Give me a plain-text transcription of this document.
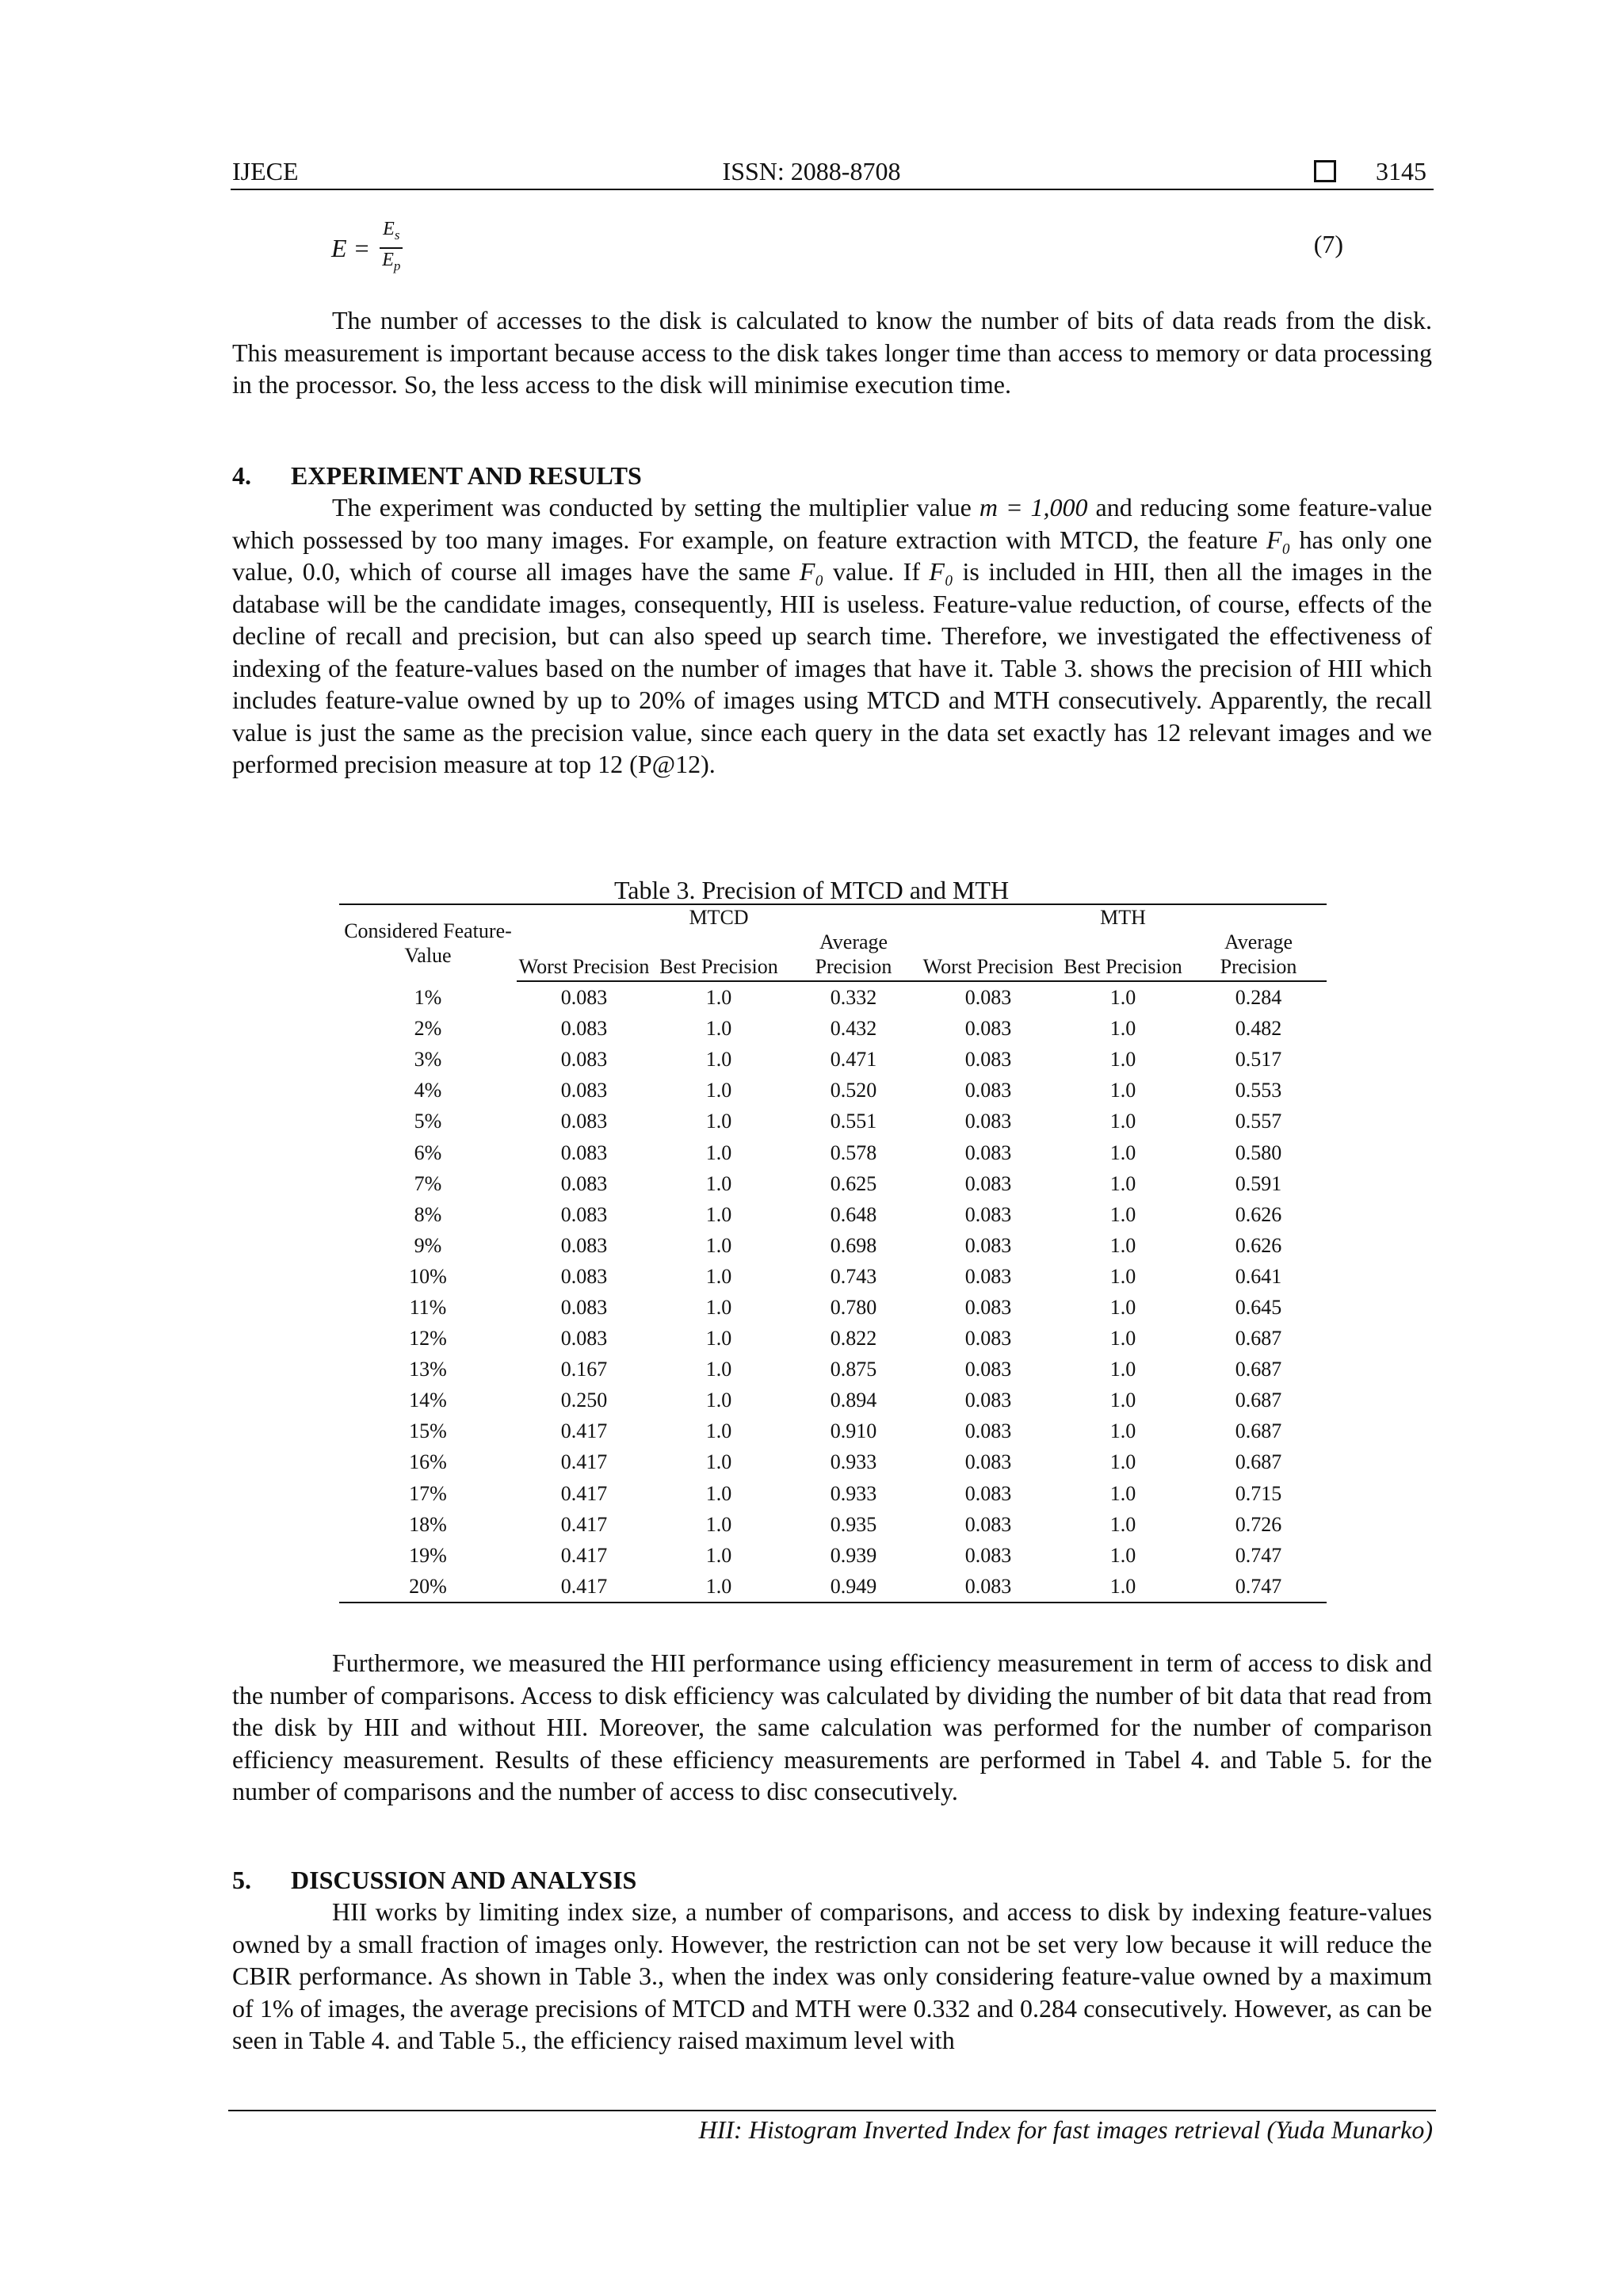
IJECE	ISSN: 2088-8708	3145
$E = \frac{E_s}{E_p}$	(7)
The number of accesses to the disk is calculated to know the number of bits of data reads from the disk. This measurement is important because access to the disk takes longer time than access to memory or data processing in the processor. So, the less access to the disk will minimise execution time.
4. EXPERIMENT AND RESULTS
The experiment was conducted by setting the multiplier value m = 1,000 and reducing some feature-value which possessed by too many images. For example, on feature extraction with MTCD, the feature F₀ has only one value, 0.0, which of course all images have the same F₀ value. If F₀ is included in HII, then all the images in the database will be the candidate images, consequently, HII is useless. Feature-value reduction, of course, effects of the decline of recall and precision, but can also speed up search time. Therefore, we investigated the effectiveness of indexing of the feature-values based on the number of images that have it. Table 3. shows the precision of HII which includes feature-value owned by up to 20% of images using MTCD and MTH consecutively. Apparently, the recall value is just the same as the precision value, since each query in the data set exactly has 12 relevant images and we performed precision measure at top 12 (P@12).
Table 3. Precision of MTCD and MTH
Considered Feature-Value		MTCD			MTH	
	Worst Precision	Best Precision	Average Precision	Worst Precision	Best Precision	Average Precision
1%	0.083	1.0	0.332	0.083	1.0	0.284
2%	0.083	1.0	0.432	0.083	1.0	0.482
3%	0.083	1.0	0.471	0.083	1.0	0.517
4%	0.083	1.0	0.520	0.083	1.0	0.553
5%	0.083	1.0	0.551	0.083	1.0	0.557
6%	0.083	1.0	0.578	0.083	1.0	0.580
7%	0.083	1.0	0.625	0.083	1.0	0.591
8%	0.083	1.0	0.648	0.083	1.0	0.626
9%	0.083	1.0	0.698	0.083	1.0	0.626
10%	0.083	1.0	0.743	0.083	1.0	0.641
11%	0.083	1.0	0.780	0.083	1.0	0.645
12%	0.083	1.0	0.822	0.083	1.0	0.687
13%	0.167	1.0	0.875	0.083	1.0	0.687
14%	0.250	1.0	0.894	0.083	1.0	0.687
15%	0.417	1.0	0.910	0.083	1.0	0.687
16%	0.417	1.0	0.933	0.083	1.0	0.687
17%	0.417	1.0	0.933	0.083	1.0	0.715
18%	0.417	1.0	0.935	0.083	1.0	0.726
19%	0.417	1.0	0.939	0.083	1.0	0.747
20%	0.417	1.0	0.949	0.083	1.0	0.747
Furthermore, we measured the HII performance using efficiency measurement in term of access to disk and the number of comparisons. Access to disk efficiency was calculated by dividing the number of bit data that read from the disk by HII and without HII. Moreover, the same calculation was performed for the number of comparison efficiency measurement. Results of these efficiency measurements are performed in Tabel 4. and Table 5. for the number of comparisons and the number of access to disc consecutively.
5. DISCUSSION AND ANALYSIS
HII works by limiting index size, a number of comparisons, and access to disk by indexing feature-values owned by a small fraction of images only. However, the restriction can not be set very low because it will reduce the CBIR performance. As shown in Table 3., when the index was only considering feature-value owned by a maximum of 1% of images, the average precisions of MTCD and MTH were 0.332 and 0.284 consecutively. However, as can be seen in Table 4. and Table 5., the efficiency raised maximum level with
HII: Histogram Inverted Index for fast images retrieval (Yuda Munarko)
